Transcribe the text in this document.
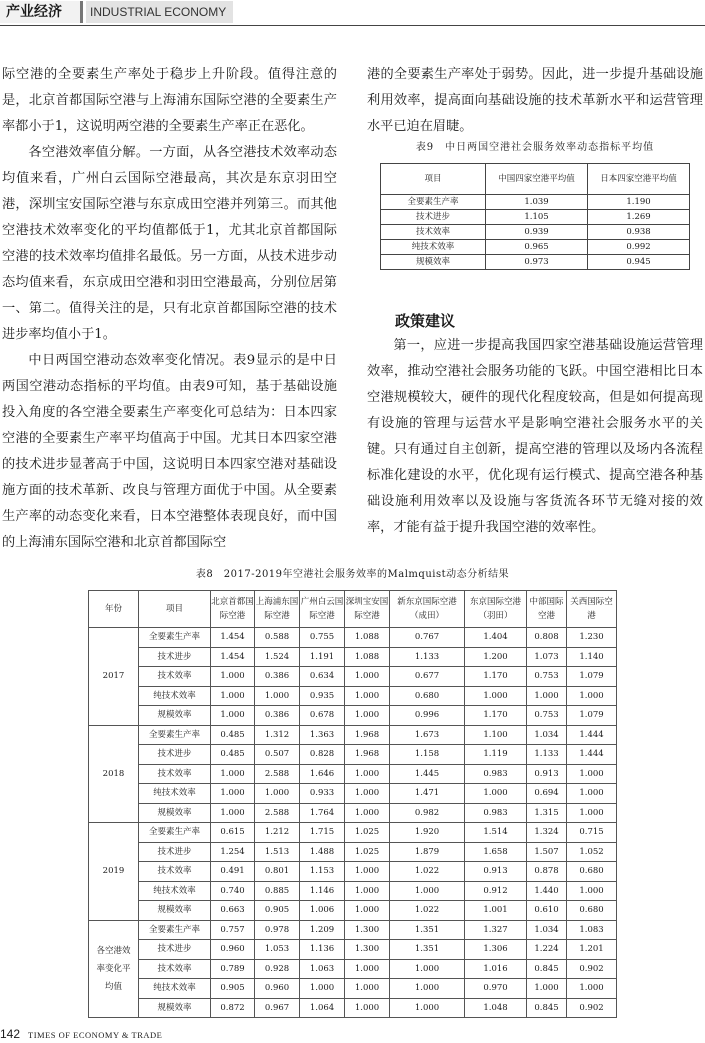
产业经济	INDUSTRIAL ECONOMY

际空港的全要素生产率处于稳步上升阶段。值得注意的是，北京首都国际空港与上海浦东国际空港的全要素生产率都小于1，这说明两空港的全要素生产率正在恶化。

各空港效率值分解。一方面，从各空港技术效率动态均值来看，广州白云国际空港最高，其次是东京羽田空港，深圳宝安国际空港与东京成田空港并列第三。而其他空港技术效率变化的平均值都低于1，尤其北京首都国际空港的技术效率均值排名最低。另一方面，从技术进步动态均值来看，东京成田空港和羽田空港最高，分别位居第一、第二。值得关注的是，只有北京首都国际空港的技术进步率均值小于1。

中日两国空港动态效率变化情况。表9显示的是中日两国空港动态指标的平均值。由表9可知，基于基础设施投入角度的各空港全要素生产率变化可总结为：日本四家空港的全要素生产率平均值高于中国。尤其日本四家空港的技术进步显著高于中国，这说明日本四家空港对基础设施方面的技术革新、改良与管理方面优于中国。从全要素生产率的动态变化来看，日本空港整体表现良好，而中国的上海浦东国际空港和北京首都国际空

港的全要素生产率处于弱势。因此，进一步提升基础设施利用效率，提高面向基础设施的技术革新水平和运营管理水平已迫在眉睫。

表9　中日两国空港社会服务效率动态指标平均值
项目	中国四家空港平均值	日本四家空港平均值
全要素生产率	1.039	1.190
技术进步	1.105	1.269
技术效率	0.939	0.938
纯技术效率	0.965	0.992
规模效率	0.973	0.945
政策建议

第一，应进一步提高我国四家空港基础设施运营管理效率，推动空港社会服务功能的飞跃。中国空港相比日本空港规模较大，硬件的现代化程度较高，但是如何提高现有设施的管理与运营水平是影响空港社会服务水平的关键。只有通过自主创新，提高空港的管理以及场内各流程标准化建设的水平，优化现有运行模式、提高空港各种基础设施利用效率以及设施与客货流各环节无缝对接的效率，才能有益于提升我国空港的效率性。

表8　2017-2019年空港社会服务效率的Malmquist动态分析结果
年份	项目	北京首都国际空港	上海浦东国际空港	广州白云国际空港	深圳宝安国际空港	新东京国际空港（成田）	东京国际空港（羽田）	中部国际空港	关西国际空港
2017	全要素生产率	1.454	0.588	0.755	1.088	0.767	1.404	0.808	1.230
	技术进步	1.454	1.524	1.191	1.088	1.133	1.200	1.073	1.140
	技术效率	1.000	0.386	0.634	1.000	0.677	1.170	0.753	1.079
	纯技术效率	1.000	1.000	0.935	1.000	0.680	1.000	1.000	1.000
	规模效率	1.000	0.386	0.678	1.000	0.996	1.170	0.753	1.079
2018	全要素生产率	0.485	1.312	1.363	1.968	1.673	1.100	1.034	1.444
	技术进步	0.485	0.507	0.828	1.968	1.158	1.119	1.133	1.444
	技术效率	1.000	2.588	1.646	1.000	1.445	0.983	0.913	1.000
	纯技术效率	1.000	1.000	0.933	1.000	1.471	1.000	0.694	1.000
	规模效率	1.000	2.588	1.764	1.000	0.982	0.983	1.315	1.000
2019	全要素生产率	0.615	1.212	1.715	1.025	1.920	1.514	1.324	0.715
	技术进步	1.254	1.513	1.488	1.025	1.879	1.658	1.507	1.052
	技术效率	0.491	0.801	1.153	1.000	1.022	0.913	0.878	0.680
	纯技术效率	0.740	0.885	1.146	1.000	1.000	0.912	1.440	1.000
	规模效率	0.663	0.905	1.006	1.000	1.022	1.001	0.610	0.680
各空港效率变化平均值	全要素生产率	0.757	0.978	1.209	1.300	1.351	1.327	1.034	1.083
	技术进步	0.960	1.053	1.136	1.300	1.351	1.306	1.224	1.201
	技术效率	0.789	0.928	1.063	1.000	1.000	1.016	0.845	0.902
	纯技术效率	0.905	0.960	1.000	1.000	1.000	0.970	1.000	1.000
	规模效率	0.872	0.967	1.064	1.000	1.000	1.048	0.845	0.902
142 TIMES OF ECONOMY & TRADE
